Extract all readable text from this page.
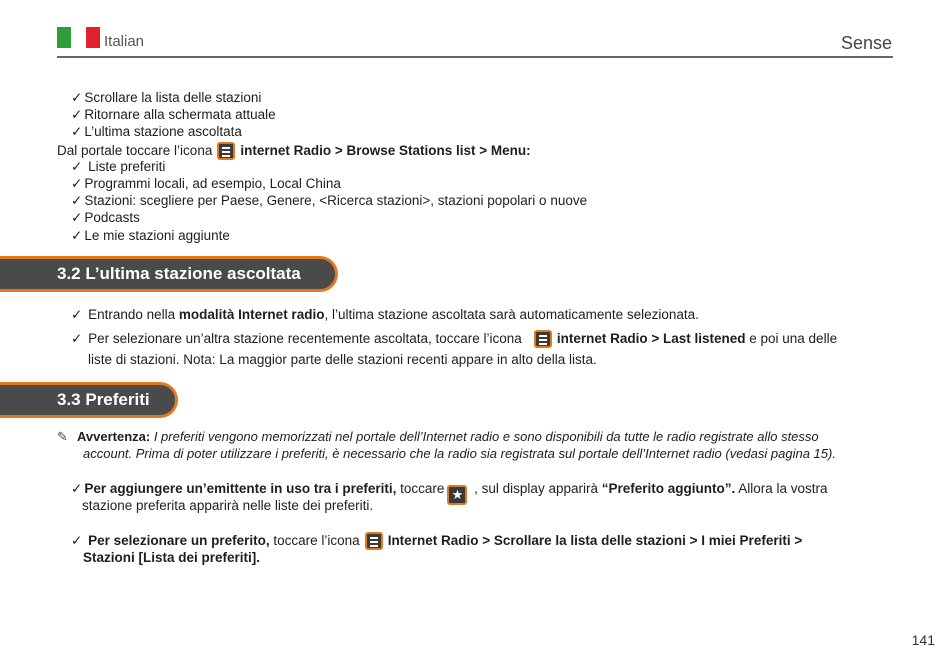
Italian	Sense
✓ Scrollare la lista delle stazioni
✓ Ritornare alla schermata attuale
✓ L’ultima stazione ascoltata
Dal portale toccare l’icona internet Radio > Browse Stations list > Menu:
✓ Liste preferiti
✓ Programmi locali, ad esempio, Local China
✓ Stazioni: scegliere per Paese, Genere, <Ricerca stazioni>, stazioni popolari o nuove
✓ Podcasts
✓ Le mie stazioni aggiunte
3.2 L’ultima stazione ascoltata
✓ Entrando nella modalità Internet radio, l’ultima stazione ascoltata sarà automaticamente selezionata.
✓ Per selezionare un’altra stazione recentemente ascoltata, toccare l’icona	internet Radio > Last listened e poi una delle
liste di stazioni. Nota: La maggior parte delle stazioni recenti appare in alto della lista.
3.3 Preferiti
✎ Avvertenza: I preferiti vengono memorizzati nel portale dell’Internet radio e sono disponibili da tutte le radio registrate allo stesso
account. Prima di poter utilizzare i preferiti, è necessario che la radio sia registrata sul portale dell’Internet radio (vedasi pagina 15).
✓ Per aggiungere un’emittente in uso tra i preferiti, toccare ★ , sul display apparirà “Preferito aggiunto”. Allora la vostra
stazione preferita apparirà nelle liste dei preferiti.
✓ Per selezionare un preferito, toccare l’icona Internet Radio > Scrollare la lista delle stazioni > I miei Preferiti >
Stazioni [Lista dei preferiti].
141
